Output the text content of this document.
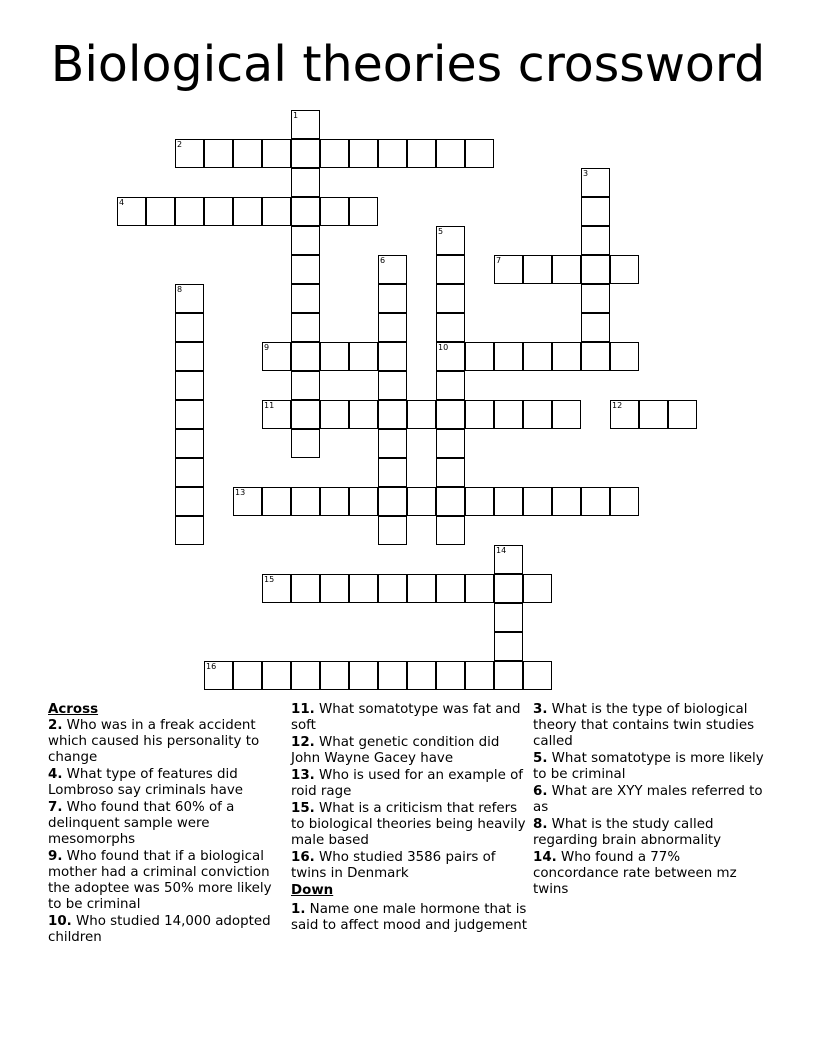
Biological theories crossword
1
2
3
4
5
10
6	7
8
9
11	12
13
14
15
16
Across
2. Who was in a freak accident which caused his personality to change
4. What type of features did Lombroso say criminals have
7. Who found that 60% of a delinquent sample were mesomorphs
9. Who found that if a biological mother had a criminal conviction the adoptee was 50% more likely to be criminal
10. Who studied 14,000 adopted children
11. What somatotype was fat and soft
12. What genetic condition did John Wayne Gacey have
13. Who is used for an example of roid rage
15. What is a criticism that refers to biological theories being heavily male based
16. Who studied 3586 pairs of twins in Denmark
Down
1. Name one male hormone that is said to affect mood and judgement
3. What is the type of biological theory that contains twin studies called
5. What somatotype is more likely to be criminal
6. What are XYY males referred to as
8. What is the study called regarding brain abnormality
14. Who found a 77% concordance rate between mz twins
